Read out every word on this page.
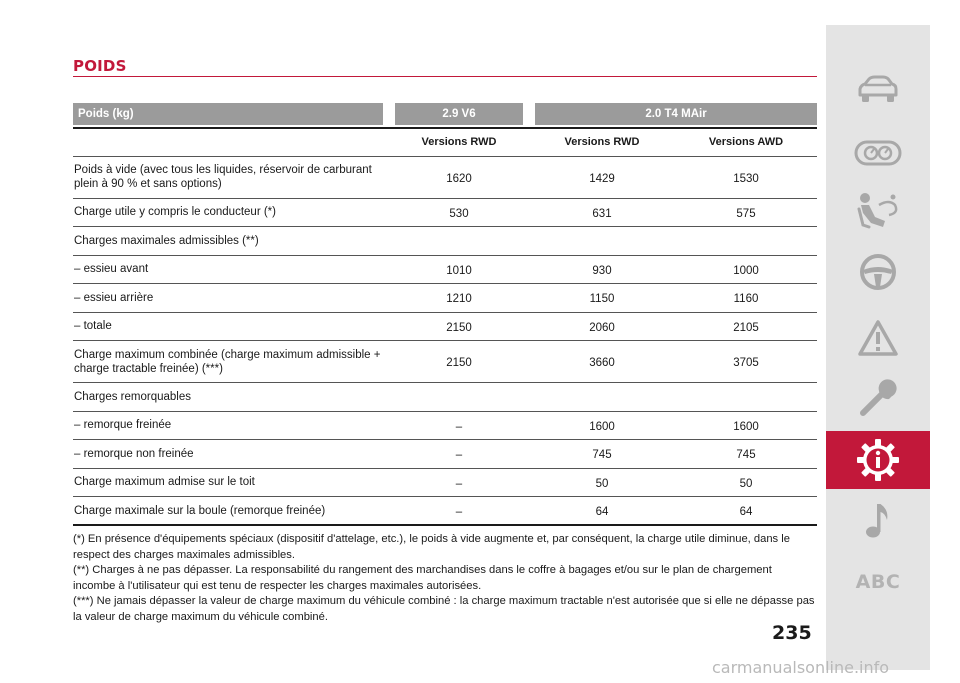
POIDS
Poids (kg)	2.9 V6	2.0 T4 MAir	

	Versions RWD	Versions RWD	Versions AWD
Poids à vide (avec tous les liquides, réservoir de carburant plein à 90 % et sans options)	1620	1429	1530
Charge utile y compris le conducteur (*)	530	631	575
Charges maximales admissibles (**)			
– essieu avant	1010	930	1000
– essieu arrière	1210	1150	1160
– totale	2150	2060	2105
Charge maximum combinée (charge maximum admissible + charge tractable freinée) (***)	2150	3660	3705
Charges remorquables			
– remorque freinée	–	1600	1600
– remorque non freinée	–	745	745
Charge maximum admise sur le toit	–	50	50
Charge maximale sur la boule (remorque freinée)	–	64	64

(*) En présence d'équipements spéciaux (dispositif d'attelage, etc.), le poids à vide augmente et, par conséquent, la charge utile diminue, dans le respect des charges maximales admissibles.

(**) Charges à ne pas dépasser. La responsabilité du rangement des marchandises dans le coffre à bagages et/ou sur le plan de chargement incombe à l'utilisateur qui est tenu de respecter les charges maximales autorisées.

(***) Ne jamais dépasser la valeur de charge maximum du véhicule combiné : la charge maximum tractable n'est autorisée que si elle ne dépasse pas la valeur de charge maximum du véhicule combiné.

235
ABC
carmanualsonline.info
